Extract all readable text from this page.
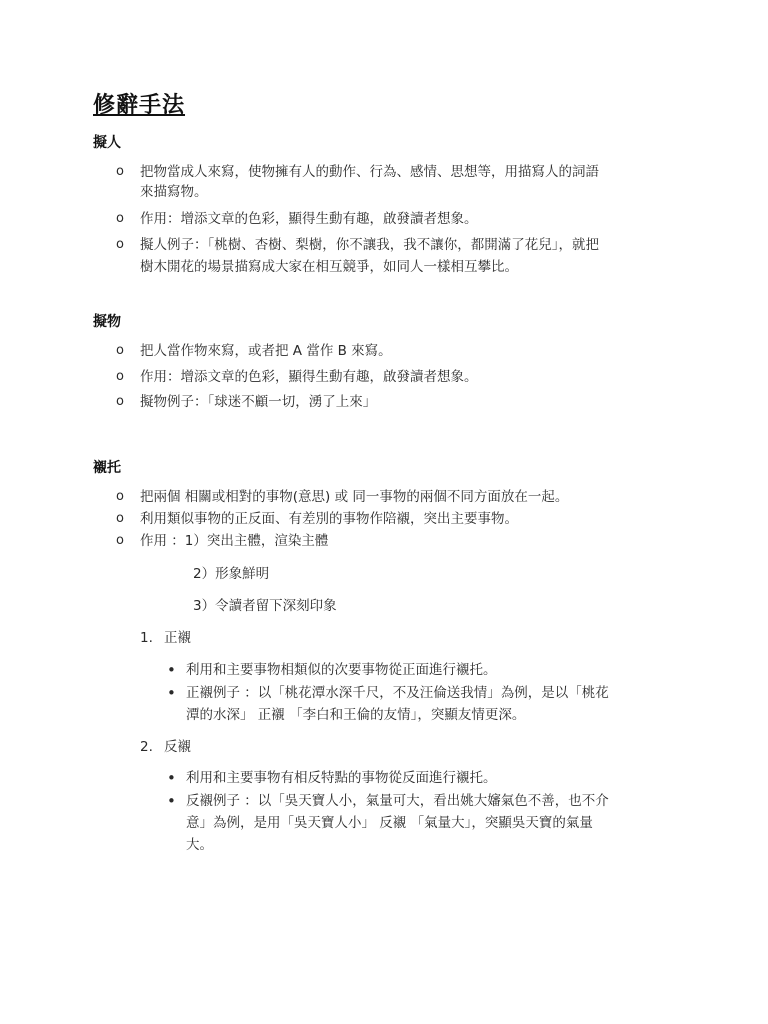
修辭手法
擬人
o 把物當成人來寫，使物擁有人的動作、行為、感情、思想等，用描寫人的詞語

來描寫物。

o 作用：增添文章的色彩，顯得生動有趣，啟發讀者想象。

o 擬人例子：「桃樹、杏樹、梨樹，你不讓我，我不讓你，都開滿了花兒」，就把

樹木開花的場景描寫成大家在相互競爭，如同人一樣相互攀比。

擬物
o 把人當作物來寫，或者把 A 當作 B 來寫。

o 作用：增添文章的色彩，顯得生動有趣，啟發讀者想象。

o 擬物例子：「球迷不顧一切，湧了上來」

襯托
o 把兩個 相關或相對的事物(意思) 或 同一事物的兩個不同方面放在一起。

o 利用類似事物的正反面、有差別的事物作陪襯，突出主要事物。

o 作用 ：1）突出主體，渲染主體

2）形象鮮明

3）令讀者留下深刻印象

1. 正襯
• 利用和主要事物相類似的次要事物從正面進行襯托。

• 正襯例子 ：以「桃花潭水深千尺，不及汪倫送我情」為例，是以「桃花

潭的水深」 正襯 「李白和王倫的友情」，突顯友情更深。

2. 反襯
• 利用和主要事物有相反特點的事物從反面進行襯托。

• 反襯例子 ：以「吳天寶人小，氣量可大，看出姚大嬸氣色不善，也不介

意」為例，是用「吳天寶人小」 反襯 「氣量大」，突顯吳天寶的氣量

大。
